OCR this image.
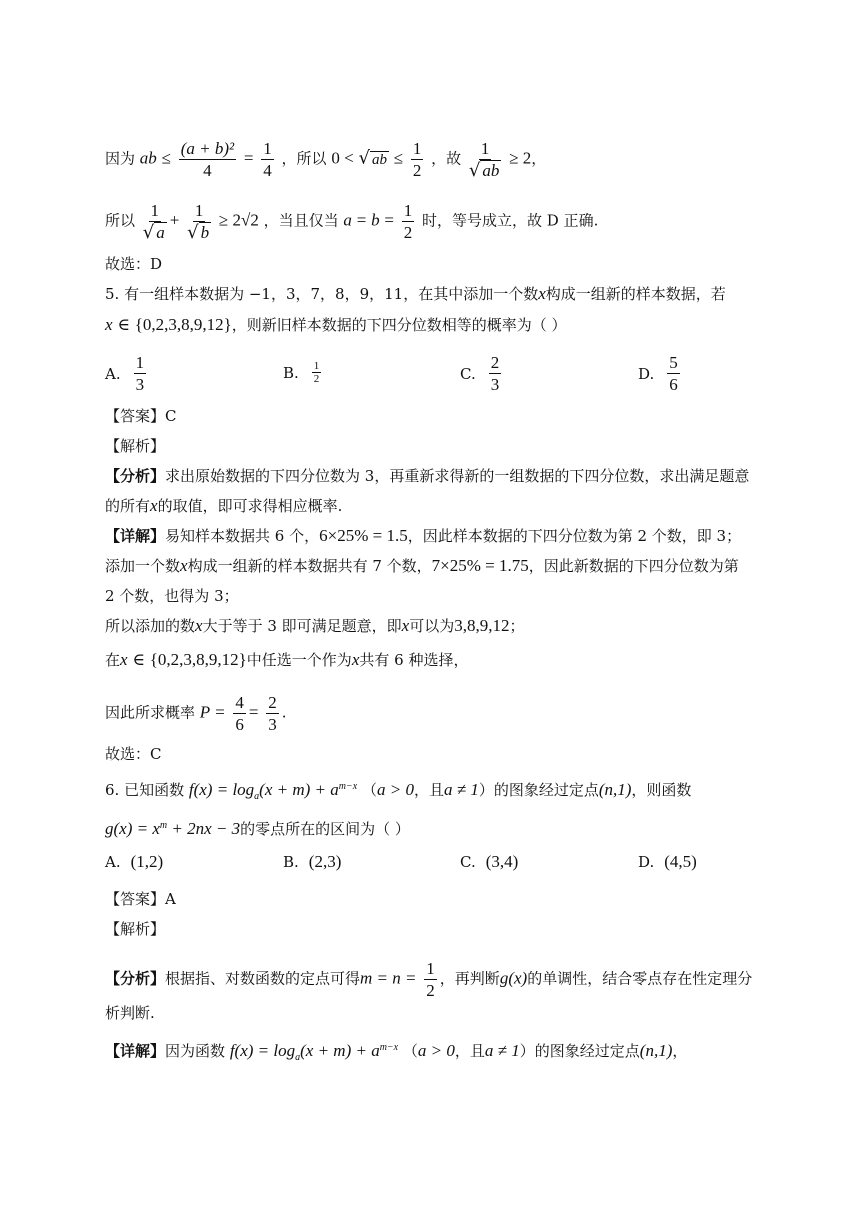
因为 ab ≤ $\frac{\text{(a + b)²}}{4} = \frac{1}{4}$ ，所以 0 < √ ab ≤ $\frac{1}{2}$ ，故 $\frac{1}{√ ab} \ge 2$，
所以 $\frac{1}{√ a} + \frac{1}{√ b} \ge 2√2$ ，当且仅当 $a = b = \frac{1}{2}$ 时，等号成立，故 D 正确.
故选：D
5. 有一组样本数据为 −1，3，7，8，9，11，在其中添加一个数x构成一组新的样本数据，若
x ∈ {0,2,3,8,9,12}，则新旧样本数据的下四分位数相等的概率为（ ）
A. $\frac{1}{3}$	B. $\frac{1}{2}$	C. $\frac{2}{3}$	D. $\frac{5}{6}$
【答案】C
【解析】
【分析】求出原始数据的下四分位数为 3，再重新求得新的一组数据的下四分位数，求出满足题意
的所有x的取值，即可求得相应概率.
【详解】易知样本数据共 6 个，6×25% = 1.5，因此样本数据的下四分位数为第 2 个数，即 3；
添加一个数x构成一组新的样本数据共有 7 个数，7×25% = 1.75，因此新数据的下四分位数为第
2 个数，也得为 3；
所以添加的数x大于等于 3 即可满足题意，即x可以为3,8,9,12；
在x ∈ {0,2,3,8,9,12}中任选一个作为x共有 6 种选择，
因此所求概率 $P = \frac{4}{6} = \frac{2}{3}$ .
故选：C
6. 已知函数 $f(x) = \log_a(x + m) + a^{m-x}$ （a > 0，且a ≠ 1）的图象经过定点(n,1)，则函数
$g(x) = x^m + 2nx - 3$的零点所在的区间为（ ）
A. (1,2)	B. (2,3)	C. (3,4)	D. (4,5)
【答案】A
【解析】
【分析】根据指、对数函数的定点可得$m = n = \frac{1}{2}$ ，再判断g(x)的单调性，结合零点存在性定理分
析判断.
【详解】因为函数 $f(x) = \log_a(x + m) + a^{m-x}$ （a > 0，且a ≠ 1）的图象经过定点(n,1)，
